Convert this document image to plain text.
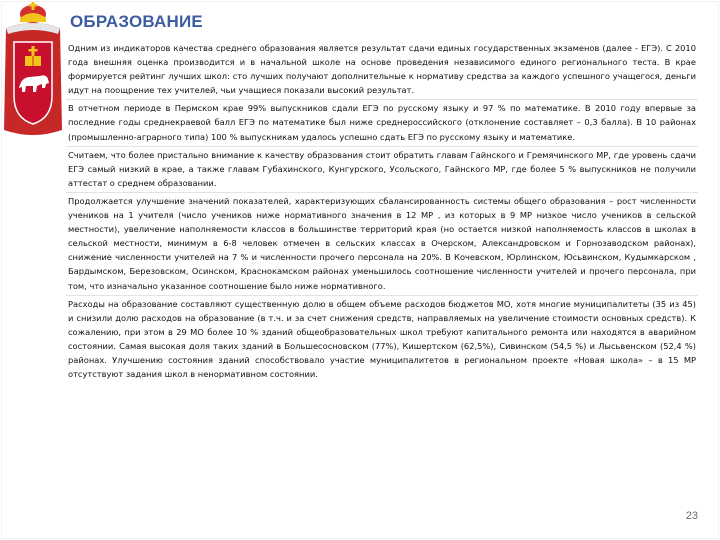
ОБРАЗОВАНИЕ
Одним из индикаторов качества среднего образования является результат сдачи единых государственных экзаменов (далее - ЕГЭ). С 2010 года внешняя оценка производится и в начальной школе на основе проведения независимого единого регионального теста. В крае формируется рейтинг лучших школ: сто лучших получают дополнительные к нормативу средства за каждого успешного учащегося, деньги идут на поощрение тех учителей, чьи учащиеся показали высокий результат.
В отчетном периоде в Пермском крае 99% выпускников сдали ЕГЭ по русскому языку и 97 % по математике. В 2010 году впервые за последние годы среднекраевой балл ЕГЭ по математике был ниже среднероссийского (отклонение составляет – 0,3 балла). В 10 районах (промышленно-аграрного типа) 100 % выпускникам удалось успешно сдать ЕГЭ по русскому языку и математике.
Считаем, что более пристально внимание к качеству образования стоит обратить главам Гайнского и Гремячинского МР, где уровень сдачи ЕГЭ самый низкий в крае, а также главам Губахинского, Кунгурского, Усольского, Гайнского МР, где более 5 % выпускников не получили аттестат о среднем образовании.
Продолжается улучшение значений показателей, характеризующих сбалансированность системы общего образования – рост численности учеников на 1 учителя (число учеников ниже нормативного значения в 12 МР , из которых в 9 МР низкое число учеников в сельской местности), увеличение наполняемости классов в большинстве территорий края (но остается низкой наполняемость классов в школах в сельской местности, минимум в 6-8 человек отмечен в сельских классах в Очерском, Александровском и Горнозаводском районах), снижение численности учителей на 7 % и численности прочего персонала на 20%. В Кочевском, Юрлинском, Юсьвинском, Кудымкарском , Бардымском, Березовском, Осинском, Краснокамском районах уменьшилось соотношение численности учителей и прочего персонала, при том, что изначально указанное соотношение было ниже нормативного.
Расходы на образование составляют существенную долю в общем объеме расходов бюджетов МО, хотя многие муниципалитеты (35 из 45) и снизили долю расходов на образование (в т.ч. и за счет снижения средств, направляемых на увеличение стоимости основных средств). К сожалению, при этом в 29 МО более 10 % зданий общеобразовательных школ требуют капитального ремонта или находятся в аварийном состоянии. Самая высокая доля таких зданий в Большесосновском (77%), Кишертском (62,5%), Сивинском (54,5 %) и Лысьвенском (52,4 %) районах. Улучшению состояния зданий способствовало участие муниципалитетов в региональном проекте «Новая школа» – в 15 МР отсутствуют задания школ в ненормативном состоянии.
23
